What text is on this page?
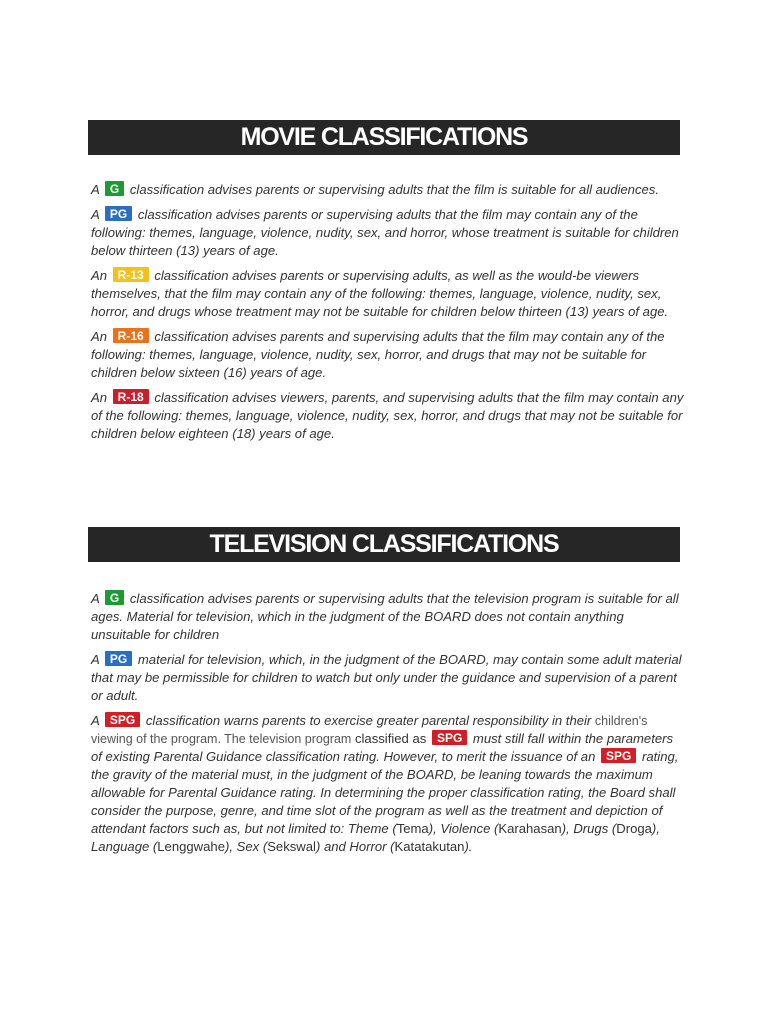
MOVIE CLASSIFICATIONS

A G classification advises parents or supervising adults that the film is suitable for all audiences.

A PG classification advises parents or supervising adults that the film may contain any of the following: themes, language, violence, nudity, sex, and horror, whose treatment is suitable for children below thirteen (13) years of age.

An R-13 classification advises parents or supervising adults, as well as the would-be viewers themselves, that the film may contain any of the following: themes, language, violence, nudity, sex, horror, and drugs whose treatment may not be suitable for children below thirteen (13) years of age.

An R-16 classification advises parents and supervising adults that the film may contain any of the following: themes, language, violence, nudity, sex, horror, and drugs that may not be suitable for children below sixteen (16) years of age.

An R-18 classification advises viewers, parents, and supervising adults that the film may contain any of the following: themes, language, violence, nudity, sex, horror, and drugs that may not be suitable for children below eighteen (18) years of age.

TELEVISION CLASSIFICATIONS

A G classification advises parents or supervising adults that the television program is suitable for all ages. Material for television, which in the judgment of the BOARD does not contain anything unsuitable for children

A PG material for television, which, in the judgment of the BOARD, may contain some adult material that may be permissible for children to watch but only under the guidance and supervision of a parent or adult.

A SPG classification warns parents to exercise greater parental responsibility in their children's viewing of the program. The television program classified as SPG must still fall within the parameters of existing Parental Guidance classification rating. However, to merit the issuance of an SPG rating, the gravity of the material must, in the judgment of the BOARD, be leaning towards the maximum allowable for Parental Guidance rating. In determining the proper classification rating, the Board shall consider the purpose, genre, and time slot of the program as well as the treatment and depiction of attendant factors such as, but not limited to: Theme (Tema), Violence (Karahasan), Drugs (Droga), Language (Lenggwahe), Sex (Sekswal) and Horror (Katatakutan).
